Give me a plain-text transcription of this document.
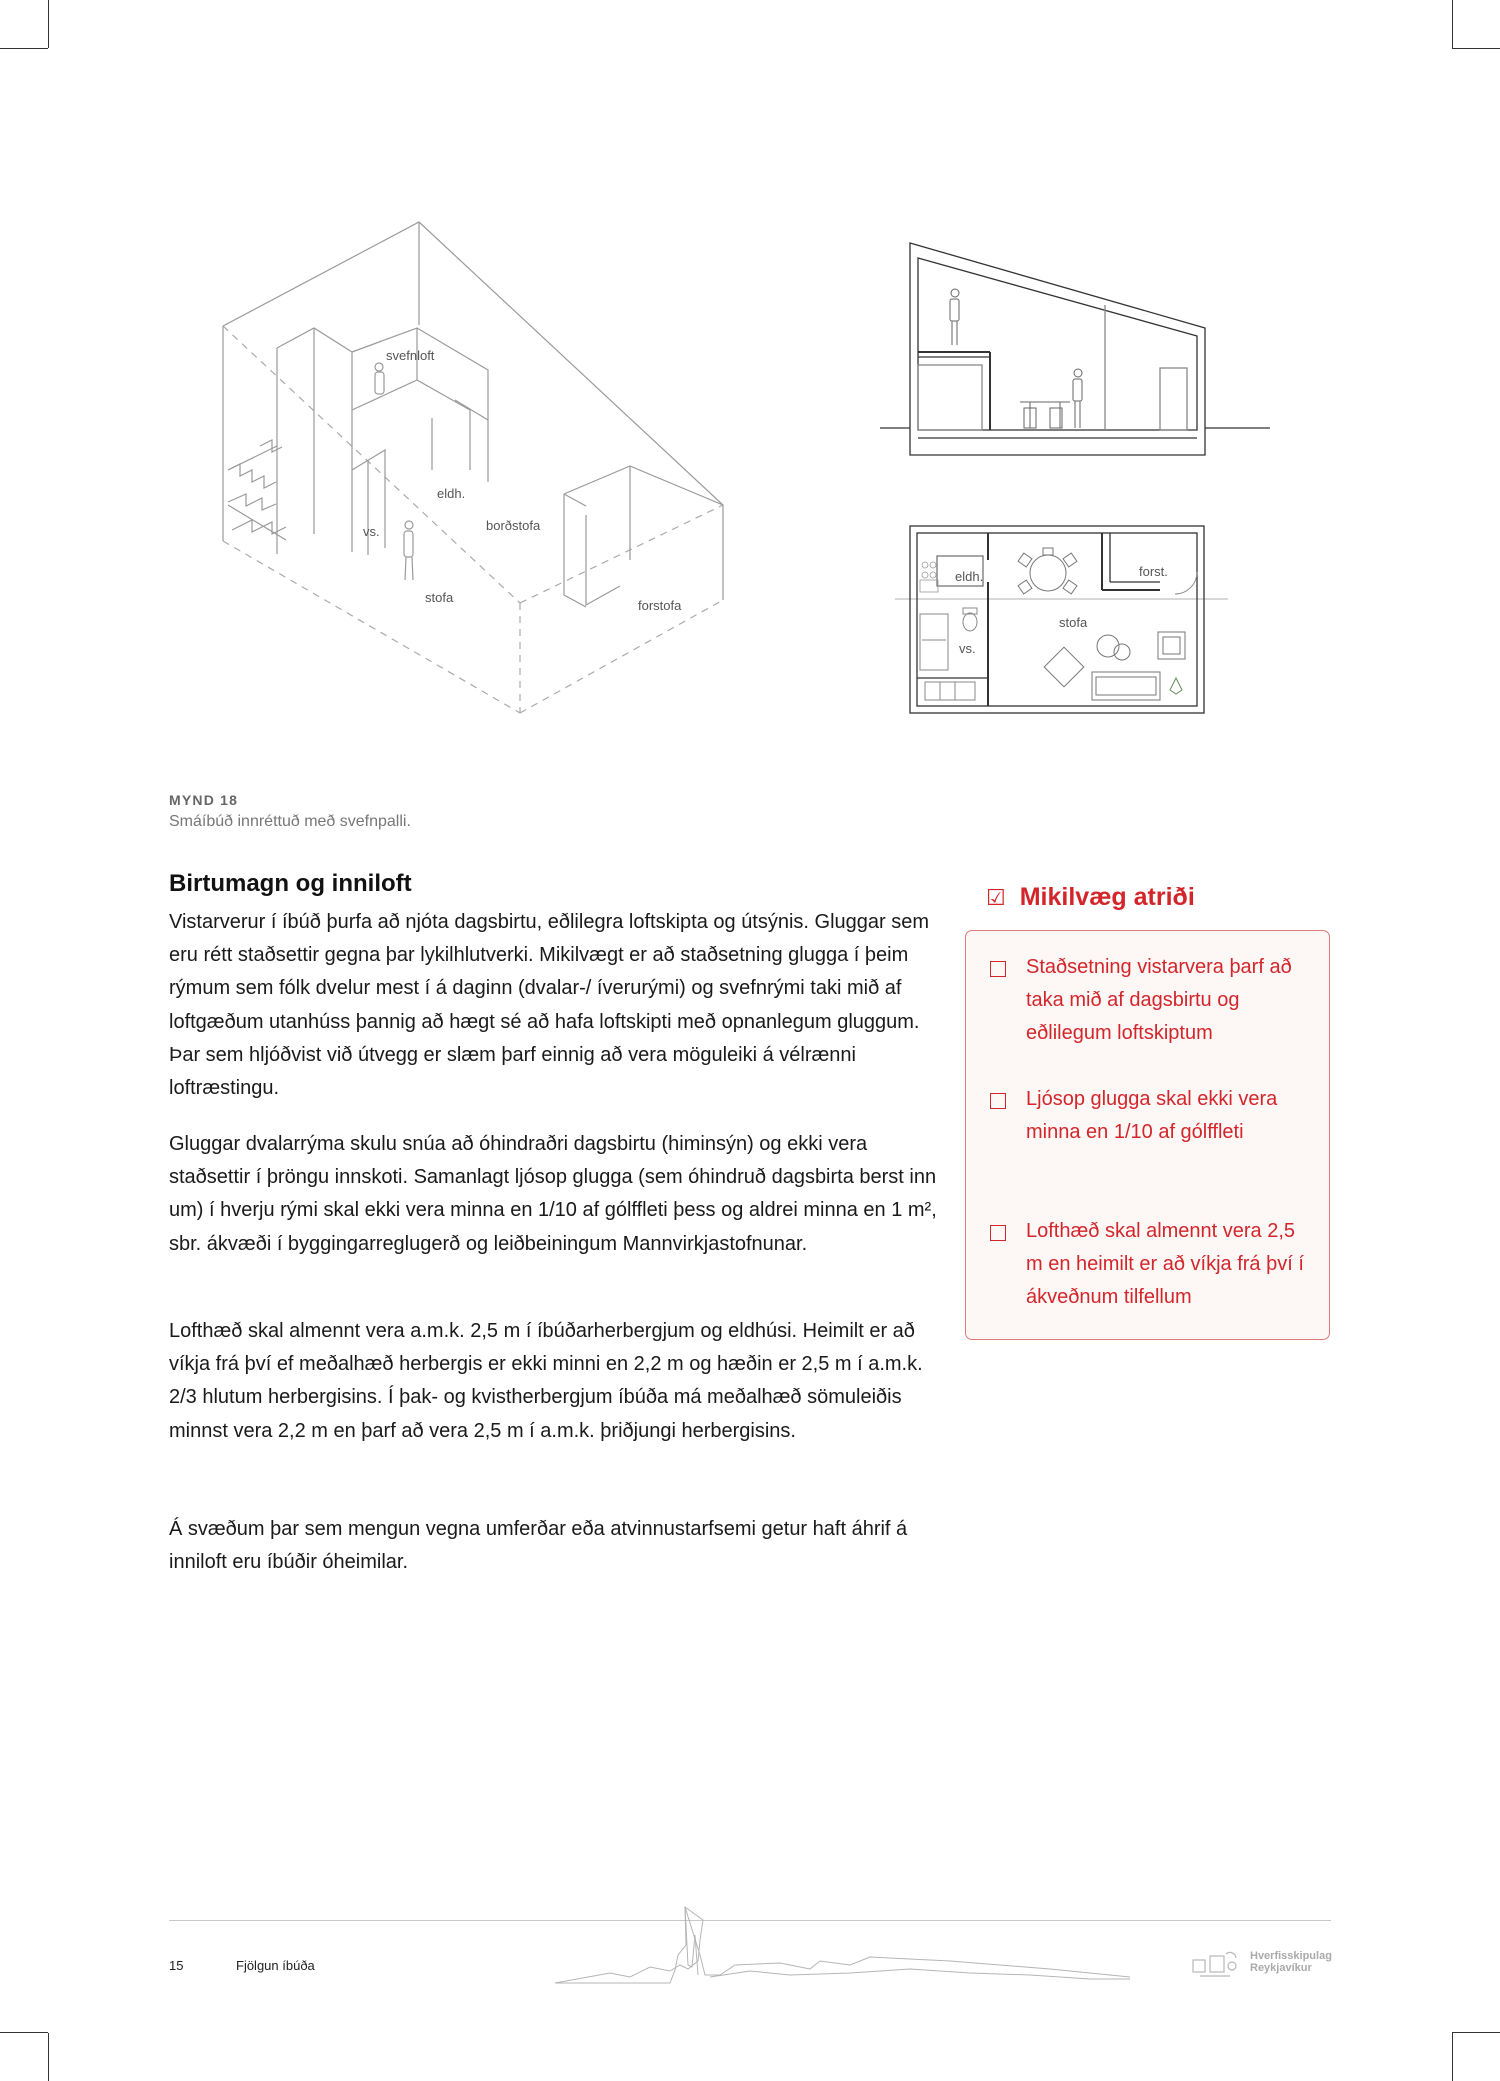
svefnloft
eldh.
borðstofa
vs.
stofa
forstofa
eldh.	forst.
stofa
vs.
MYND 18
Smáíbúð innréttuð með svefnpalli.
Birtumagn og inniloft

Vistarverur í íbúð þurfa að njóta dagsbirtu, eðlilegra loftskipta og útsýnis. Gluggar sem eru rétt staðsettir gegna þar lykilhlutverki. Mikilvægt er að staðsetning glugga í þeim rýmum sem fólk dvelur mest í á daginn (dvalar-/ íverurými) og svefnrými taki mið af loftgæðum utanhúss þannig að hægt sé að hafa loftskipti með opnanlegum gluggum. Þar sem hljóðvist við útvegg er slæm þarf einnig að vera möguleiki á vélrænni loftræstingu.

Gluggar dvalarrýma skulu snúa að óhindraðri dagsbirtu (himinsýn) og ekki vera staðsettir í þröngu innskoti. Samanlagt ljósop glugga (sem óhindruð dagsbirta berst inn um) í hverju rými skal ekki vera minna en 1/10 af gólffleti þess og aldrei minna en 1 m², sbr. ákvæði í byggingarreglugerð og leiðbeiningum Mannvirkjastofnunar.

Lofthæð skal almennt vera a.m.k. 2,5 m í íbúðarherbergjum og eldhúsi. Heimilt er að víkja frá því ef meðalhæð herbergis er ekki minni en 2,2 m og hæðin er 2,5 m í a.m.k. 2/3 hlutum herbergisins. Í þak- og kvistherbergjum íbúða má meðalhæð sömuleiðis minnst vera 2,2 m en þarf að vera 2,5 m í a.m.k. þriðjungi herbergisins.

Á svæðum þar sem mengun vegna umferðar eða atvinnustarfsemi getur haft áhrif á inniloft eru íbúðir óheimilar.

☑ Mikilvæg atriði
Staðsetning vistarvera þarf að taka mið af dagsbirtu og eðlilegum loftskiptum
Ljósop glugga skal ekki vera minna en 1/10 af gólffleti
Lofthæð skal almennt vera 2,5 m en heimilt er að víkja frá því í ákveðnum tilfellum
15	Fjölgun íbúða
Hverfisskipulag
Reykjavíkur
